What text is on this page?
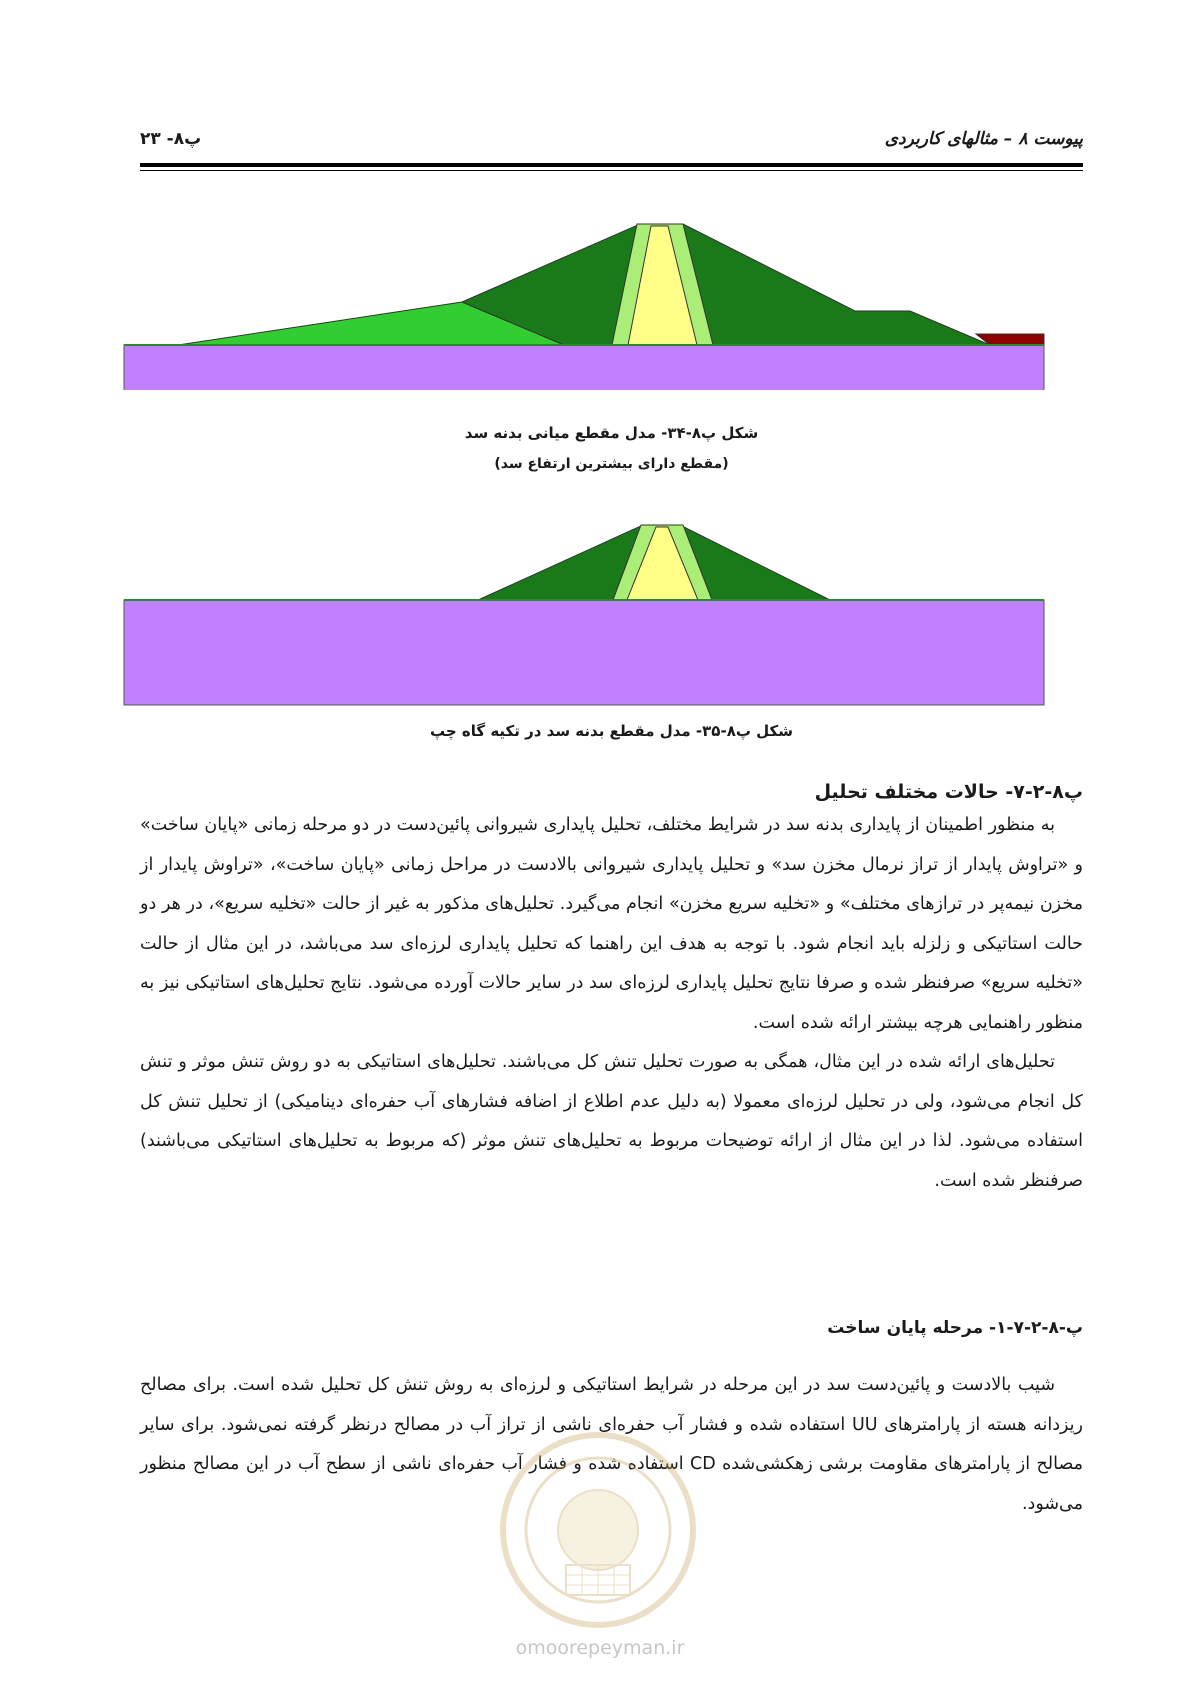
پ۸- ۲۳	پیوست ۸ – مثالهای کاربردی
شکل پ۸-۳۴- مدل مقطع میانی بدنه سد
(مقطع دارای بیشترین ارتفاع سد)
شکل پ۸-۳۵- مدل مقطع بدنه سد در تکیه گاه چپ
پ۸-۲-۷- حالات مختلف تحلیل

به منظور اطمینان از پایداری بدنه سد در شرایط مختلف، تحلیل پایداری شیروانی پائین‌دست در دو مرحله زمانی «پایان ساخت» و «تراوش پایدار از تراز نرمال مخزن سد» و تحلیل پایداری شیروانی بالادست در مراحل زمانی «پایان ساخت»، «تراوش پایدار از مخزن نیمه‌پر در ترازهای مختلف» و «تخلیه سریع مخزن» انجام می‌گیرد. تحلیل‌های مذکور به غیر از حالت «تخلیه سریع»، در هر دو حالت استاتیکی و زلزله باید انجام شود. با توجه به هدف این راهنما که تحلیل پایداری لرزه‌ای سد می‌باشد، در این مثال از حالت «تخلیه سریع» صرفنظر شده و صرفا نتایج تحلیل پایداری لرزه‌ای سد در سایر حالات آورده می‌شود. نتایج تحلیل‌های استاتیکی نیز به منظور راهنمایی هرچه بیشتر ارائه شده است.

تحلیل‌های ارائه شده در این مثال، همگی به صورت تحلیل تنش کل می‌باشند. تحلیل‌های استاتیکی به دو روش تنش موثر و تنش کل انجام می‌شود، ولی در تحلیل لرزه‌ای معمولا (به دلیل عدم اطلاع از اضافه فشارهای آب حفره‌ای دینامیکی) از تحلیل تنش کل استفاده می‌شود. لذا در این مثال از ارائه توضیحات مربوط به تحلیل‌های تنش موثر (که مربوط به تحلیل‌های استاتیکی می‌باشند) صرفنظر شده است.

پ-۸-۲-۷-۱- مرحله پایان ساخت

شیب بالادست و پائین‌دست سد در این مرحله در شرایط استاتیکی و لرزه‌ای به روش تنش کل تحلیل شده است. برای مصالح ریزدانه هسته از پارامترهای UU استفاده شده و فشار آب حفره‌ای ناشی از تراز آب در مصالح درنظر گرفته نمی‌شود. برای سایر مصالح از پارامترهای مقاومت برشی زهکشی‌شده CD استفاده شده و فشار آب حفره‌ای ناشی از سطح آب در این مصالح منظور می‌شود.

omoorepeyman.ir
